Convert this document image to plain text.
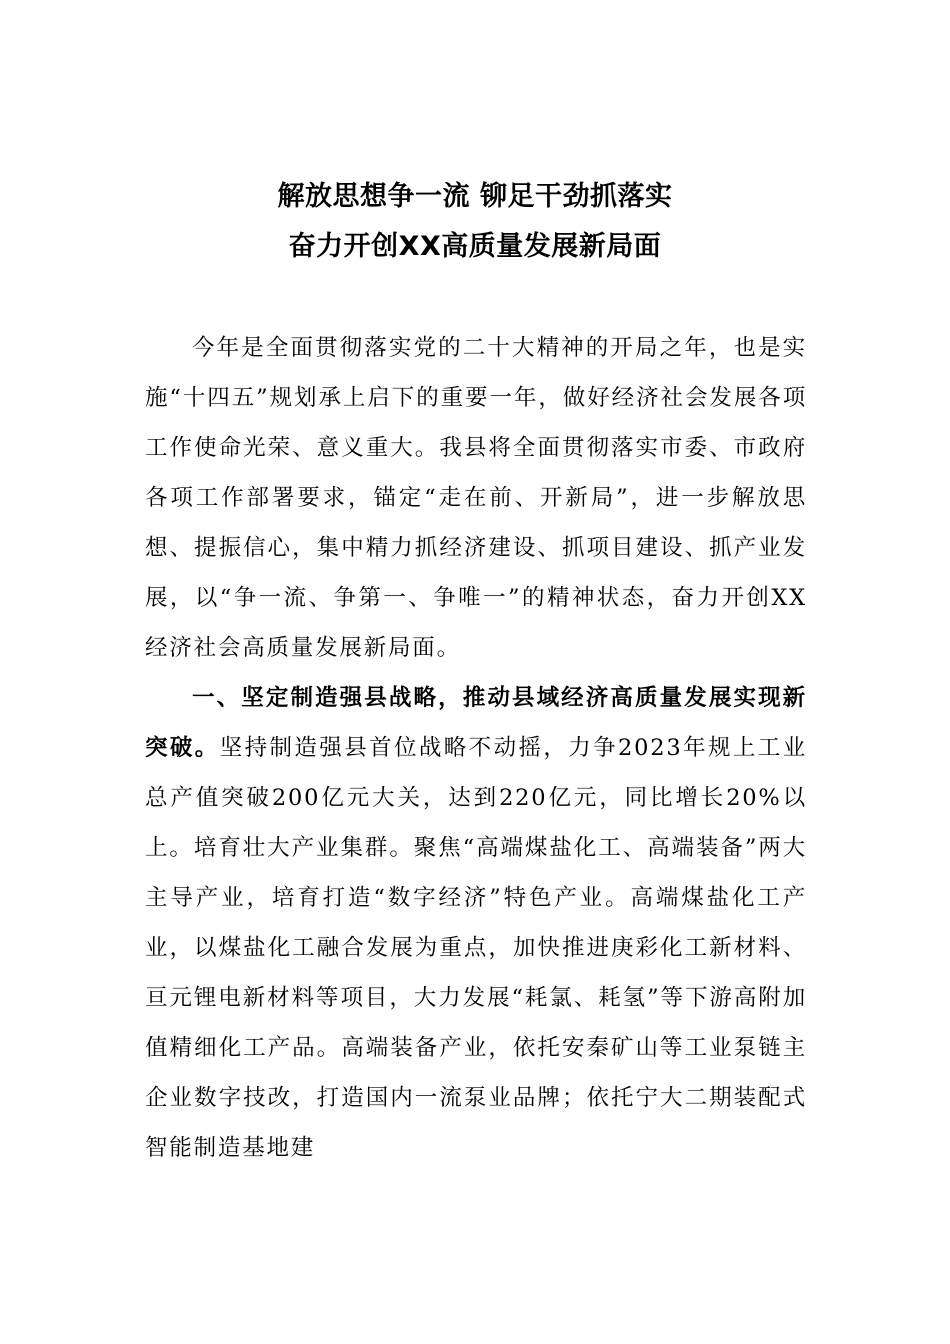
解放思想争一流 铆足干劲抓落实

奋力开创XX高质量发展新局面

今年是全面贯彻落实党的二十大精神的开局之年，也是实施“十四五”规划承上启下的重要一年，做好经济社会发展各项工作使命光荣、意义重大。我县将全面贯彻落实市委、市政府各项工作部署要求，锚定“走在前、开新局”，进一步解放思想、提振信心，集中精力抓经济建设、抓项目建设、抓产业发展，以“争一流、争第一、争唯一”的精神状态，奋力开创XX经济社会高质量发展新局面。

一、坚定制造强县战略，推动县域经济高质量发展实现新突破。坚持制造强县首位战略不动摇，力争2023年规上工业总产值突破200亿元大关，达到220亿元，同比增长20%以上。培育壮大产业集群。聚焦“高端煤盐化工、高端装备”两大主导产业，培育打造“数字经济”特色产业。高端煤盐化工产业，以煤盐化工融合发展为重点，加快推进庚彩化工新材料、亘元锂电新材料等项目，大力发展“耗氯、耗氢”等下游高附加值精细化工产品。高端装备产业，依托安秦矿山等工业泵链主企业数字技改，打造国内一流泵业品牌；依托宁大二期装配式智能制造基地建
